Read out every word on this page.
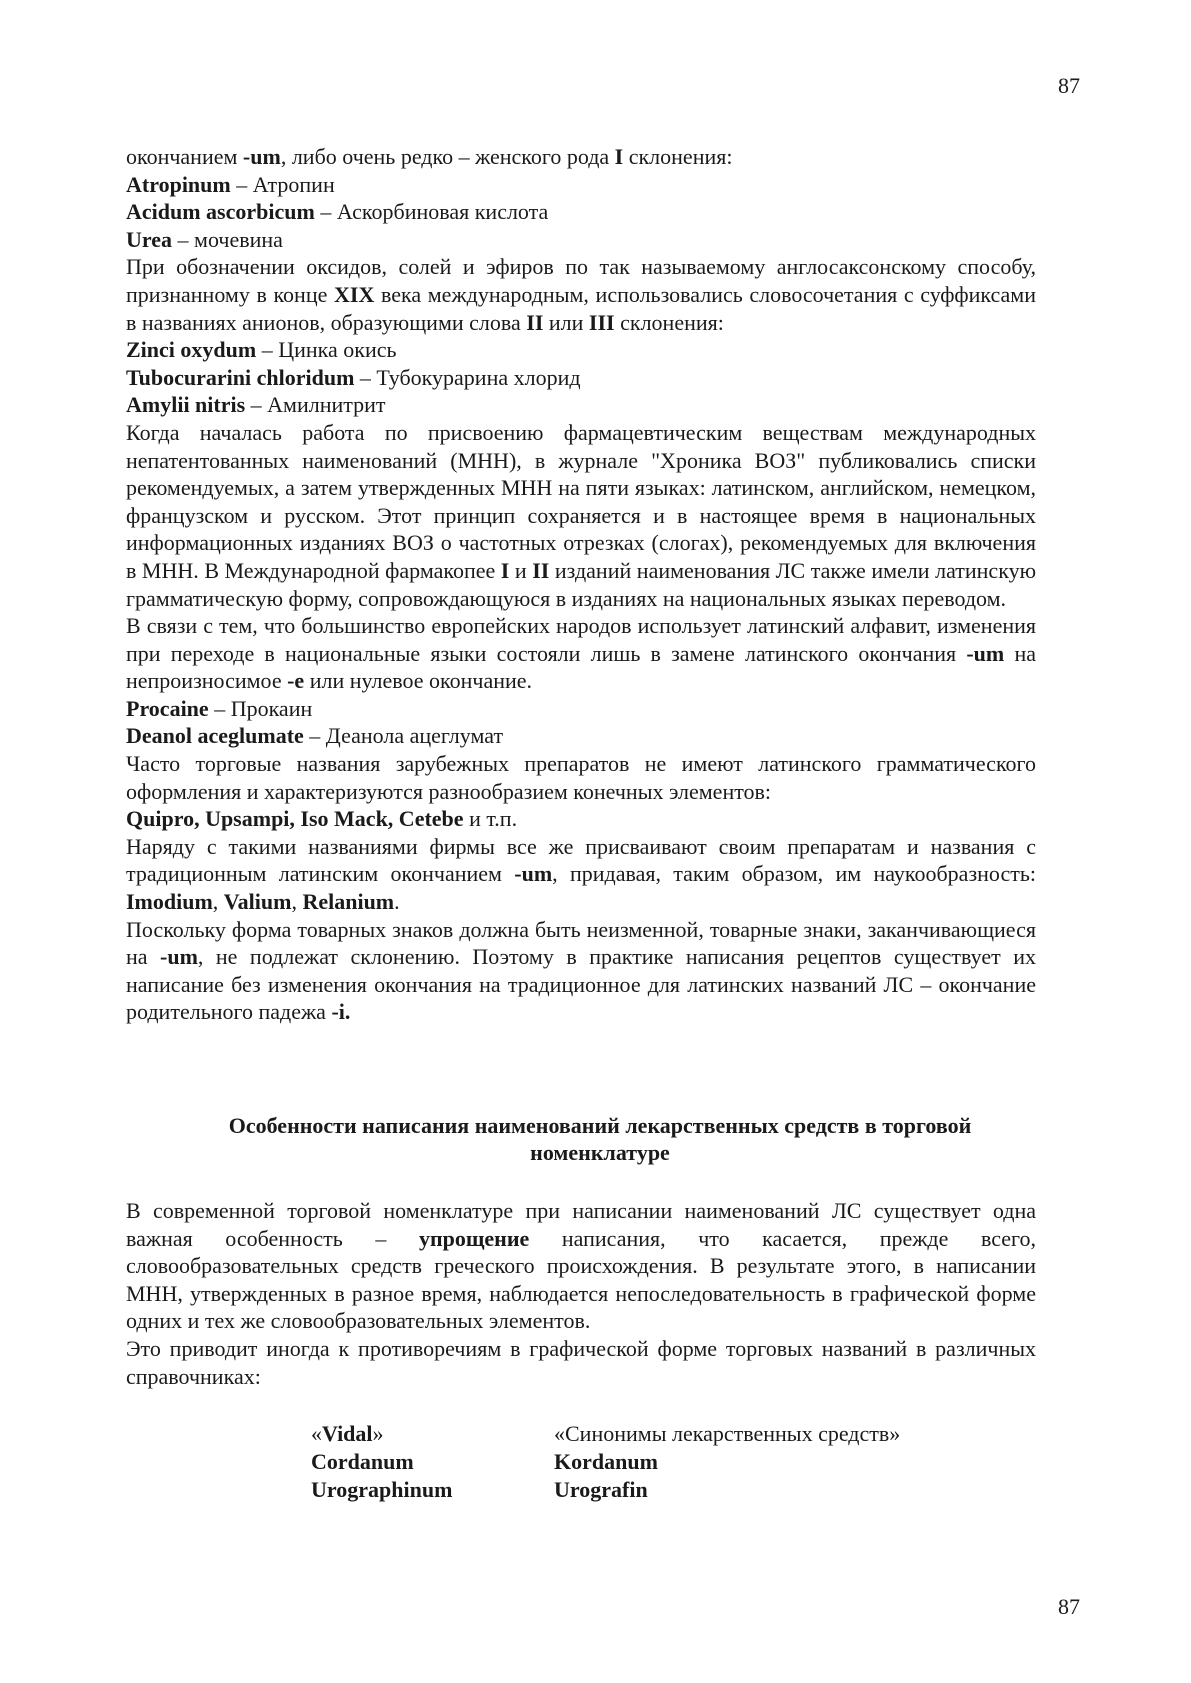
87

окончанием -um, либо очень редко – женского рода I склонения:

Atropinum – Атропин

Acidum ascorbicum – Аскорбиновая кислота

Urea – мочевина

При обозначении оксидов, солей и эфиров по так называемому англосаксонскому способу, признанному в конце XIX века международным, использовались словосочетания с суффиксами в названиях анионов, образующими слова II или III склонения:

Zinci oxydum – Цинка окись

Tubocurarini chloridum – Тубокурарина хлорид

Amylii nitris – Амилнитрит

Когда началась работа по присвоению фармацевтическим веществам международных непатентованных наименований (МНН), в журнале "Хроника ВОЗ" публиковались списки рекомендуемых, а затем утвержденных МНН на пяти языках: латинском, английском, немецком, французском и русском. Этот принцип сохраняется и в настоящее время в национальных информационных изданиях ВОЗ о частотных отрезках (слогах), рекомендуемых для включения в МНН. В Международной фармакопее I и II изданий наименования ЛС также имели латинскую грамматическую форму, сопровождающуюся в изданиях на национальных языках переводом.

В связи с тем, что большинство европейских народов использует латинский алфавит, изменения при переходе в национальные языки состояли лишь в замене латинского окончания -um на непроизносимое -e или нулевое окончание.

Procaine – Прокаин

Deanol aceglumate – Деанола ацеглумат

Часто торговые названия зарубежных препаратов не имеют латинского грамматического оформления и характеризуются разнообразием конечных элементов:

Quipro, Upsampi, Iso Mack, Cetebe и т.п.

Наряду с такими названиями фирмы все же присваивают своим препаратам и названия с традиционным латинским окончанием -um, придавая, таким образом, им наукообразность: Imodium, Valium, Relanium.

Поскольку форма товарных знаков должна быть неизменной, товарные знаки, заканчивающиеся на -um, не подлежат склонению. Поэтому в практике написания рецептов существует их написание без изменения окончания на традиционное для латинских названий ЛС – окончание родительного падежа -i.

Особенности написания наименований лекарственных средств в торговой номенклатуре

В современной торговой номенклатуре при написании наименований ЛС существует одна важная особенность – упрощение написания, что касается, прежде всего, словообразовательных средств греческого происхождения. В результате этого, в написании МНН, утвержденных в разное время, наблюдается непоследовательность в графической форме одних и тех же словообразовательных элементов.

Это приводит иногда к противоречиям в графической форме торговых названий в различных справочниках:

«Vidal»	«Синонимы лекарственных средств»
Cordanum	Kordanum
Urographinum	Urografin
87
